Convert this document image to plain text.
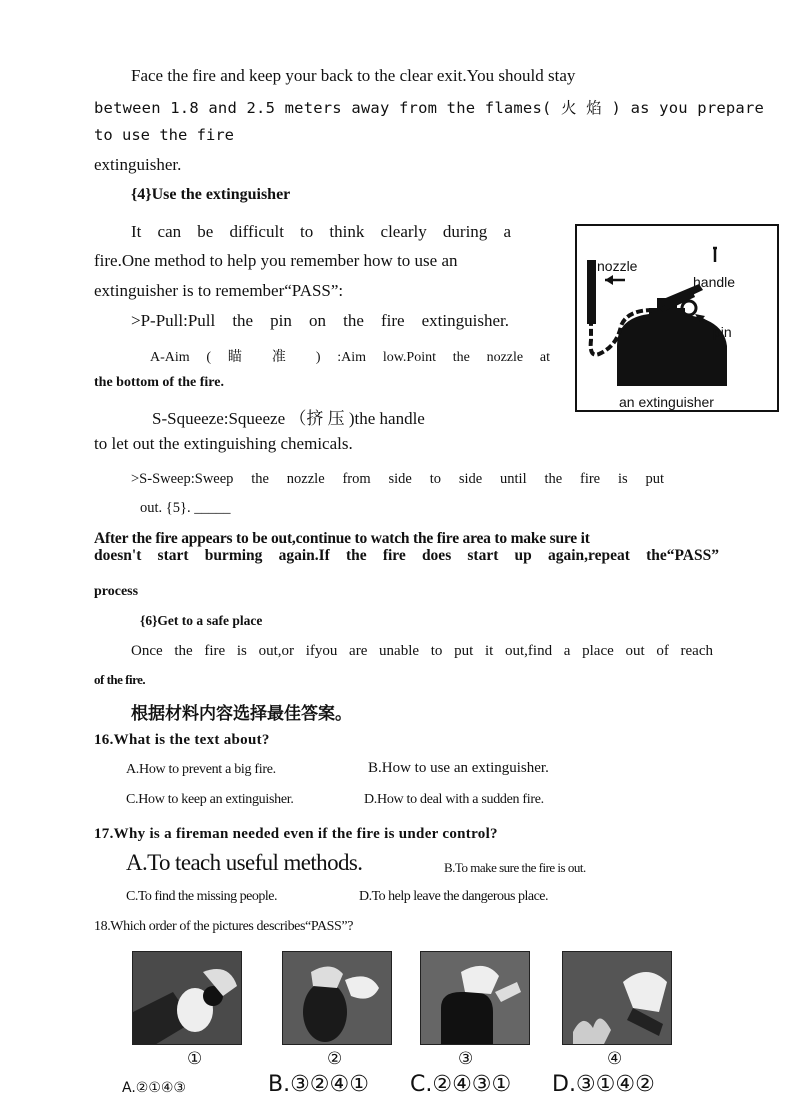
Face the fire and keep your back to the clear exit.You should stay
between 1.8 and 2.5 meters away from the flames( 火 焰 ) as you prepare
to use the fire
extinguisher.
{4}Use the extinguisher
It can be difficult to think clearly during a
fire.One method to help you remember how to use an
extinguisher is to remember“PASS”:
>P-Pull:Pull the pin on the fire extinguisher.
A-Aim ( 瞄 准 ) :Aim low.Point the nozzle at
the bottom of the fire.
S-Squeeze:Squeeze （挤 压 )the handle
to let out the extinguishing chemicals.
>S-Sweep:Sweep the nozzle from side to side until the fire is put
out. {5}. _____
After the fire appears to be out,continue to watch the fire area to make sure it
doesn't start burming again.If the fire does start up again,repeat the“PASS”
process
nozzle
handle
pin
an extinguisher
{6}Get to a safe place
Once the fire is out,or ifyou are unable to put it out,find a place out of reach
of the fire.
根据材料内容选择最佳答案。
16.What is the text about?
A.How to prevent a big fire.	B.How to use an extinguisher.
C.How to keep an extinguisher.	D.How to deal with a sudden fire.
17.Why is a fireman needed even if the fire is under control?
A.To teach useful methods.	B.To make sure the fire is out.
C.To find the missing people.	D.To help leave the dangerous place.
18.Which order of the pictures describes“PASS”?
①	②	③	④
A.②①④③	B.③②④① C.②④③① D.③①④②
